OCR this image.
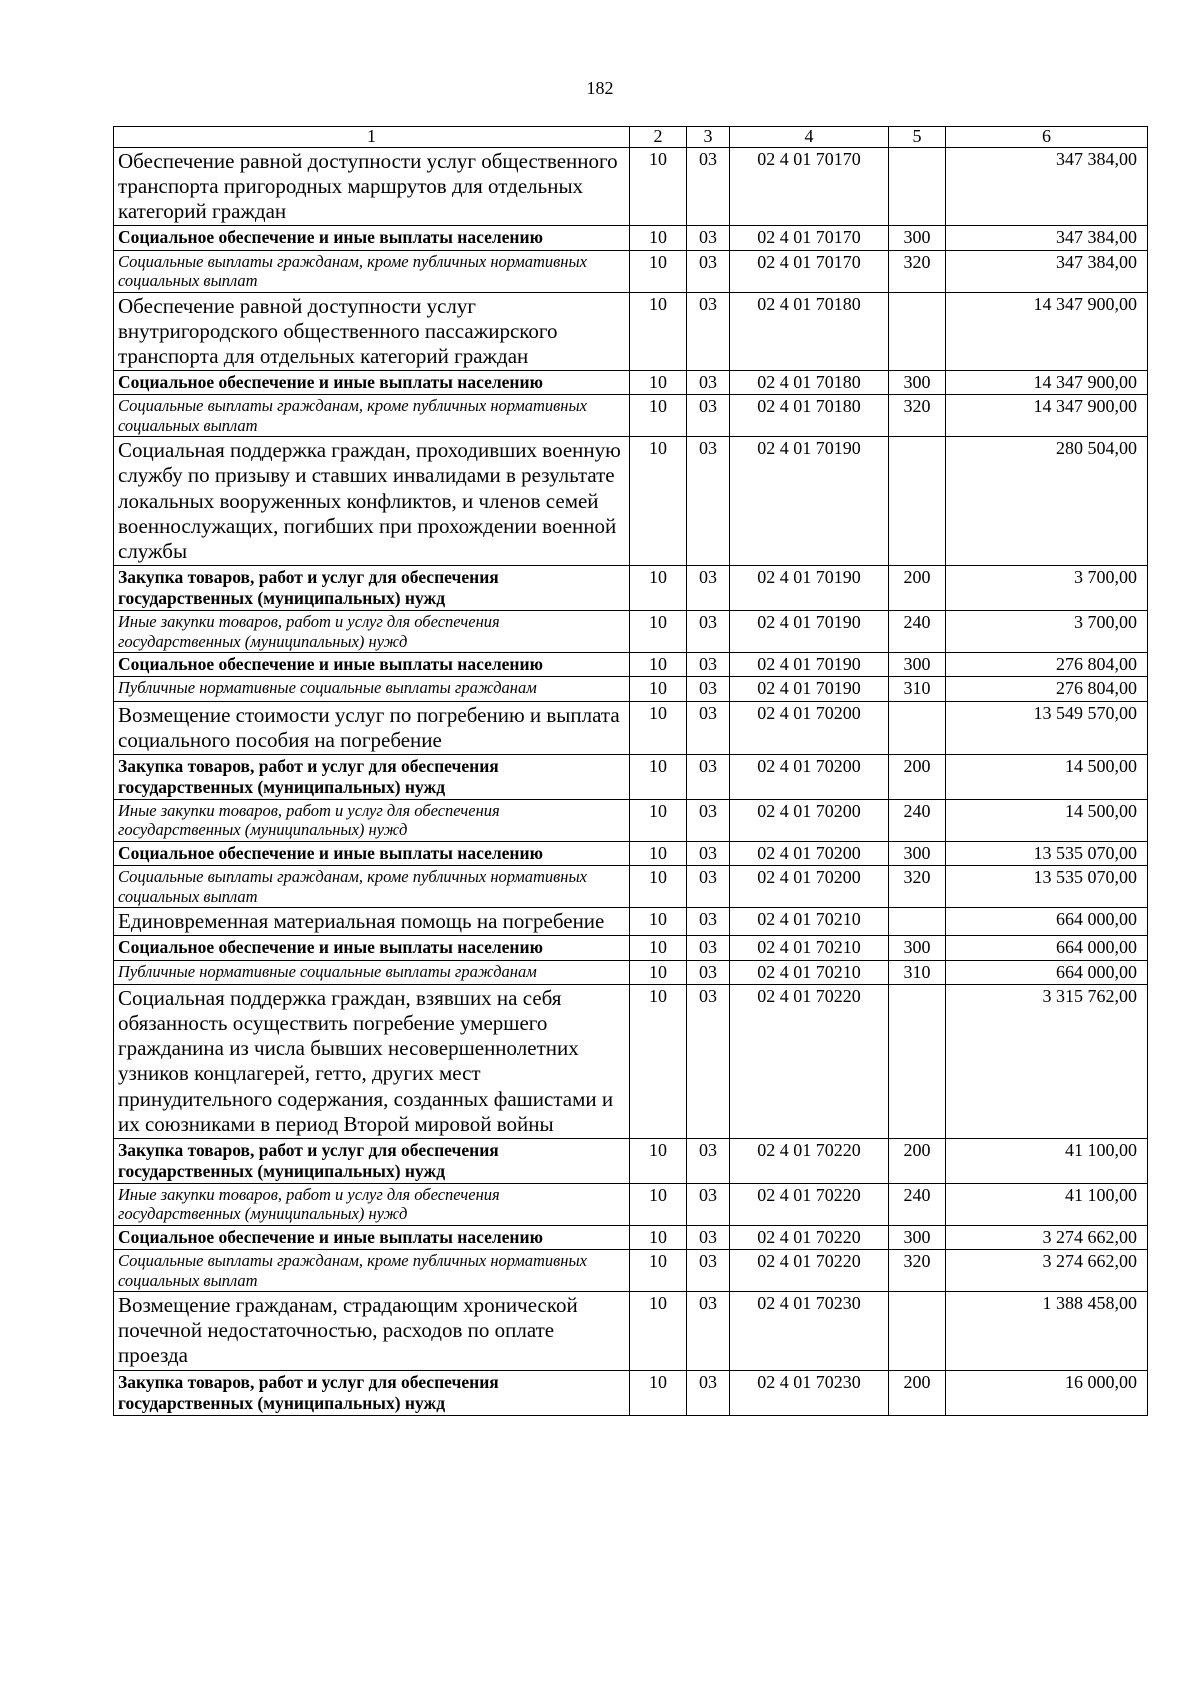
182
1	2	3	4	5	6
Обеспечение равной доступности услуг общественного транспорта пригородных маршрутов для отдельных категорий граждан	10	03	02 4 01 70170		347 384,00
Социальное обеспечение и иные выплаты населению	10	03	02 4 01 70170	300	347 384,00
Социальные выплаты гражданам, кроме публичных нормативных социальных выплат	10	03	02 4 01 70170	320	347 384,00
Обеспечение равной доступности услуг внутригородского общественного пассажирского транспорта для отдельных категорий граждан	10	03	02 4 01 70180		14 347 900,00
Социальное обеспечение и иные выплаты населению	10	03	02 4 01 70180	300	14 347 900,00
Социальные выплаты гражданам, кроме публичных нормативных социальных выплат	10	03	02 4 01 70180	320	14 347 900,00
Социальная поддержка граждан, проходивших военную службу по призыву и ставших инвалидами в результате локальных вооруженных конфликтов, и членов семей военнослужащих, погибших при прохождении военной службы	10	03	02 4 01 70190		280 504,00
Закупка товаров, работ и услуг для обеспечения государственных (муниципальных) нужд	10	03	02 4 01 70190	200	3 700,00
Иные закупки товаров, работ и услуг для обеспечения государственных (муниципальных) нужд	10	03	02 4 01 70190	240	3 700,00
Социальное обеспечение и иные выплаты населению	10	03	02 4 01 70190	300	276 804,00
Публичные нормативные социальные выплаты гражданам	10	03	02 4 01 70190	310	276 804,00
Возмещение стоимости услуг по погребению и выплата социального пособия на погребение	10	03	02 4 01 70200		13 549 570,00
Закупка товаров, работ и услуг для обеспечения государственных (муниципальных) нужд	10	03	02 4 01 70200	200	14 500,00
Иные закупки товаров, работ и услуг для обеспечения государственных (муниципальных) нужд	10	03	02 4 01 70200	240	14 500,00
Социальное обеспечение и иные выплаты населению	10	03	02 4 01 70200	300	13 535 070,00
Социальные выплаты гражданам, кроме публичных нормативных социальных выплат	10	03	02 4 01 70200	320	13 535 070,00
Единовременная материальная помощь на погребение	10	03	02 4 01 70210		664 000,00
Социальное обеспечение и иные выплаты населению	10	03	02 4 01 70210	300	664 000,00
Публичные нормативные социальные выплаты гражданам	10	03	02 4 01 70210	310	664 000,00
Социальная поддержка граждан, взявших на себя обязанность осуществить погребение умершего гражданина из числа бывших несовершеннолетних узников концлагерей, гетто, других мест принудительного содержания, созданных фашистами и их союзниками в период Второй мировой войны	10	03	02 4 01 70220		3 315 762,00
Закупка товаров, работ и услуг для обеспечения государственных (муниципальных) нужд	10	03	02 4 01 70220	200	41 100,00
Иные закупки товаров, работ и услуг для обеспечения государственных (муниципальных) нужд	10	03	02 4 01 70220	240	41 100,00
Социальное обеспечение и иные выплаты населению	10	03	02 4 01 70220	300	3 274 662,00
Социальные выплаты гражданам, кроме публичных нормативных социальных выплат	10	03	02 4 01 70220	320	3 274 662,00
Возмещение гражданам, страдающим хронической почечной недостаточностью, расходов по оплате проезда	10	03	02 4 01 70230		1 388 458,00
Закупка товаров, работ и услуг для обеспечения государственных (муниципальных) нужд	10	03	02 4 01 70230	200	16 000,00
